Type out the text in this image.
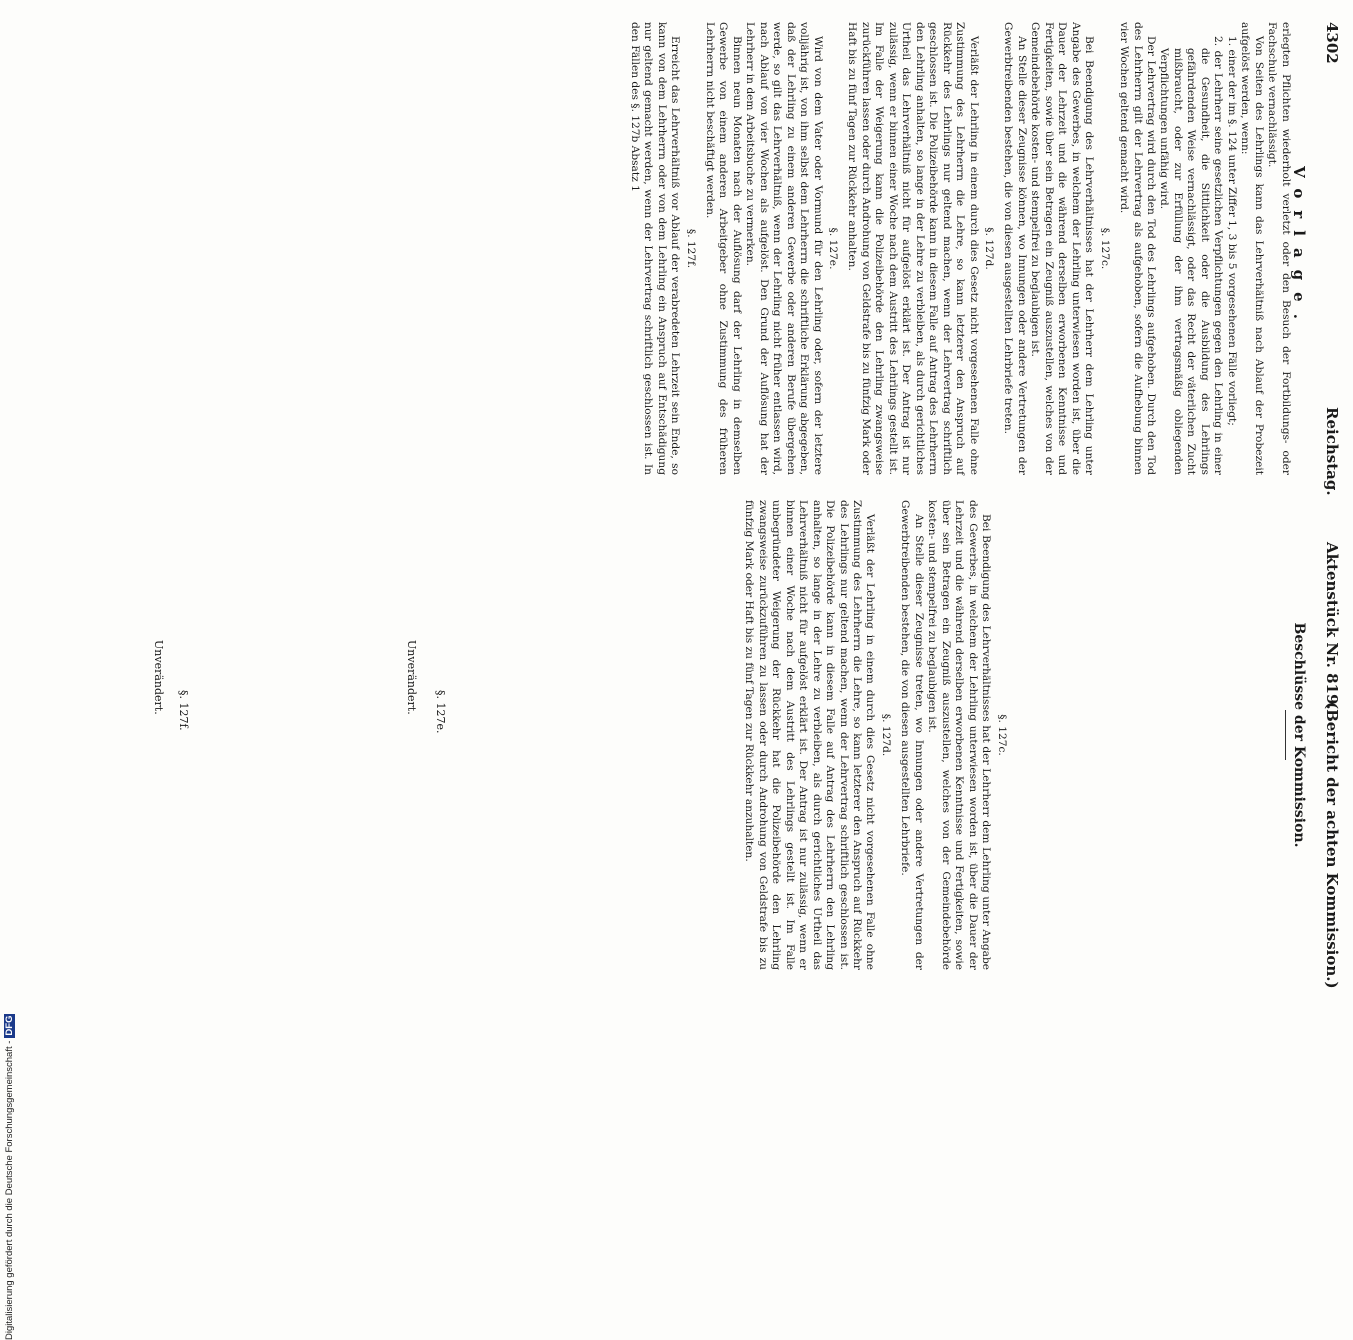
4302
Reichstag.
Aktenstück Nr. 819.
(Bericht der achten Kommission.)

Vorlage.

erlegten Pflichten wiederholt verletzt oder den Besuch der Fortbildungs- oder Fachschule vernachlässigt.

Von Seiten des Lehrlings kann das Lehrverhältniß nach Ablauf der Probezeit aufgelöst werden, wenn:

1. einer der im §. 124 unter Ziffer 1, 3 bis 5 vorgesehenen Fälle vorliegt;

2. der Lehrherr seine gesetzlichen Verpflichtungen gegen den Lehrling in einer die Gesundheit, die Sittlichkeit oder die Ausbildung des Lehrlings gefährdenden Weise vernachlässigt, oder das Recht der väterlichen Zucht mißbraucht, oder zur Erfüllung der ihm vertragsmäßig obliegenden Verpflichtungen unfähig wird.

Der Lehrvertrag wird durch den Tod des Lehrlings aufgehoben. Durch den Tod des Lehrherrn gilt der Lehrvertrag als aufgehoben, sofern die Aufhebung binnen vier Wochen geltend gemacht wird.

§. 127c.

Bei Beendigung des Lehrverhältnisses hat der Lehrherr dem Lehrling unter Angabe des Gewerbes, in welchem der Lehrling unterwiesen worden ist, über die Dauer der Lehrzeit und die während derselben erworbenen Kenntnisse und Fertigkeiten, sowie über sein Betragen ein Zeugniß auszustellen, welches von der Gemeindebehörde kosten- und stempelfrei zu beglaubigen ist.

An Stelle dieser Zeugnisse können, wo Innungen oder andere Vertretungen der Gewerbtreibenden bestehen, die von diesen ausgestellten Lehrbriefe treten.

§. 127d.

Verläßt der Lehrling in einem durch dies Gesetz nicht vorgesehenen Falle ohne Zustimmung des Lehrherrn die Lehre, so kann letzterer den Anspruch auf Rückkehr des Lehrlings nur geltend machen, wenn der Lehrvertrag schriftlich geschlossen ist. Die Polizeibehörde kann in diesem Falle auf Antrag des Lehrherrn den Lehrling anhalten, so lange in der Lehre zu verbleiben, als durch gerichtliches Urtheil das Lehrverhältniß nicht für aufgelöst erklärt ist. Der Antrag ist nur zulässig, wenn er binnen einer Woche nach dem Austritt des Lehrlings gestellt ist. Im Falle der Weigerung kann die Polizeibehörde den Lehrling zwangsweise zurückführen lassen oder durch Androhung von Geldstrafe bis zu fünfzig Mark oder Haft bis zu fünf Tagen zur Rückkehr anhalten.

§. 127e.

Wird von dem Vater oder Vormund für den Lehrling oder, sofern der letztere volljährig ist, von ihm selbst dem Lehrherrn die schriftliche Erklärung abgegeben, daß der Lehrling zu einem anderen Gewerbe oder anderen Berufe übergehen werde, so gilt das Lehrverhältniß, wenn der Lehrling nicht früher entlassen wird, nach Ablauf von vier Wochen als aufgelöst. Den Grund der Auflösung hat der Lehrherr in dem Arbeitsbuche zu vermerken.

Binnen neun Monaten nach der Auflösung darf der Lehrling in demselben Gewerbe von einem anderen Arbeitgeber ohne Zustimmung des früheren Lehrherrn nicht beschäftigt werden.

§. 127f.

Erreicht das Lehrverhältniß vor Ablauf der verabredeten Lehrzeit sein Ende, so kann von dem Lehrherrn oder von dem Lehrling ein Anspruch auf Entschädigung nur geltend gemacht werden, wenn der Lehrvertrag schriftlich geschlossen ist. In den Fällen des §. 127b Absatz 1

Beschlüsse der Kommission.

§. 127c.

Bei Beendigung des Lehrverhältnisses hat der Lehrherr dem Lehrling unter Angabe des Gewerbes, in welchem der Lehrling unterwiesen worden ist, über die Dauer der Lehrzeit und die während derselben erworbenen Kenntnisse und Fertigkeiten, sowie über sein Betragen ein Zeugniß auszustellen, welches von der Gemeindebehörde kosten- und stempelfrei zu beglaubigen ist.

An Stelle dieser Zeugnisse treten, wo Innungen oder andere Vertretungen der Gewerbtreibenden bestehen, die von diesen ausgestellten Lehrbriefe.

§. 127d.

Verläßt der Lehrling in einem durch dies Gesetz nicht vorgesehenen Falle ohne Zustimmung des Lehrherrn die Lehre, so kann letzterer den Anspruch auf Rückkehr des Lehrlings nur geltend machen, wenn der Lehrvertrag schriftlich geschlossen ist. Die Polizeibehörde kann in diesem Falle auf Antrag des Lehrherrn den Lehrling anhalten, so lange in der Lehre zu verbleiben, als durch gerichtliches Urtheil das Lehrverhältniß nicht für aufgelöst erklärt ist. Der Antrag ist nur zulässig, wenn er binnen einer Woche nach dem Austritt des Lehrlings gestellt ist. Im Falle unbegründeter Weigerung der Rückkehr hat die Polizeibehörde den Lehrling zwangsweise zurückzuführen zu lassen oder durch Androhung von Geldstrafe bis zu fünfzig Mark oder Haft bis zu fünf Tagen zur Rückkehr anzuhalten.

§. 127e.
Unverändert.
§. 127f.
Unverändert.
Digitalisierung gefördert durch die Deutsche Forschungsgemeinschaft -DFG
